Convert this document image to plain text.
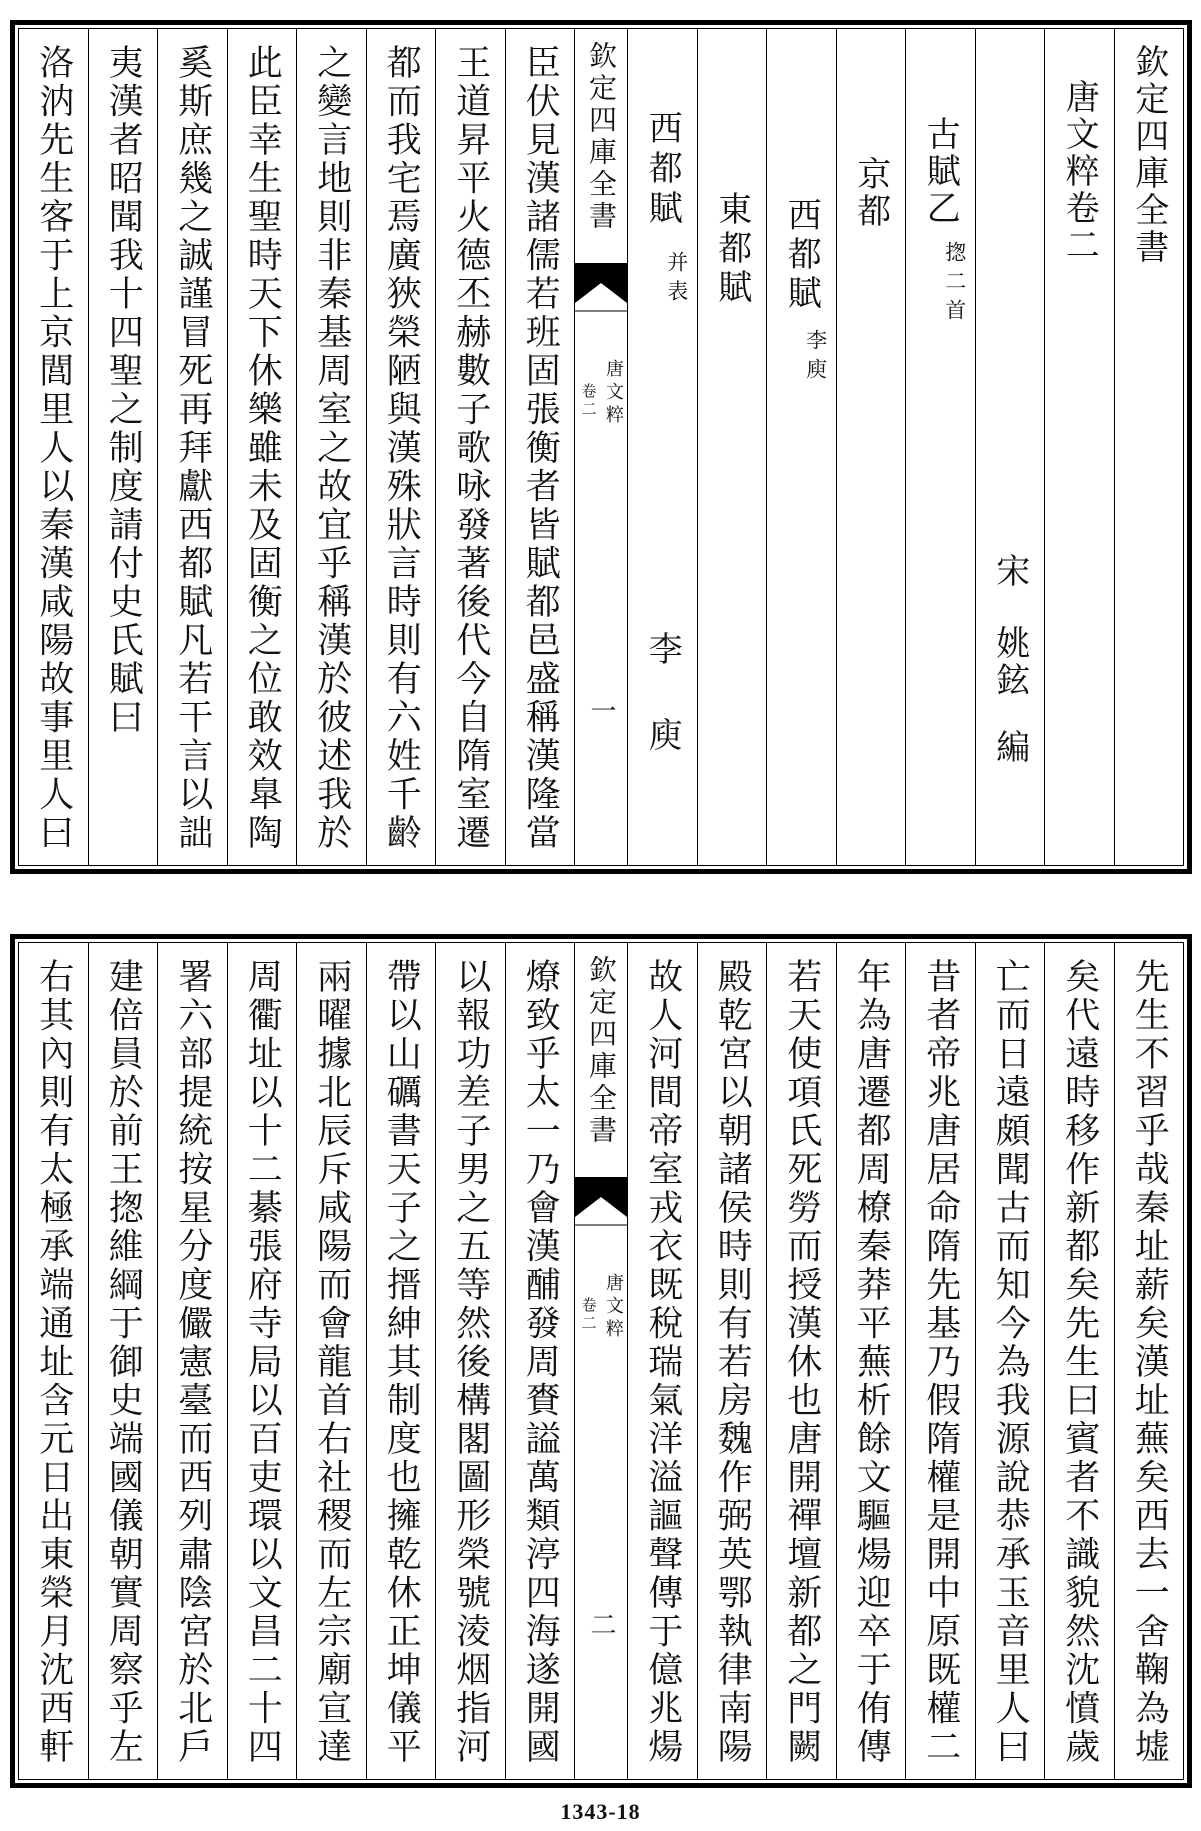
欽定四庫全書
唐文粹卷二
宋
姚鉉
編
古賦乙
揔二首
京都
西都賦
李庾
東都賦
西都賦
并表
李庾
欽定四庫全書
唐文粹
卷二
一
臣伏見漢諸儒若班固張衡者皆賦都邑盛稱漢隆當
王道昇平火德丕赫數子歌咏發著後代今自隋室遷
都而我宅焉廣狹榮陋與漢殊狀言時則有六姓千齡
之變言地則非秦基周室之故宜乎稱漢於彼述我於
此臣幸生聖時天下休樂雖未及固衡之位敢效臯陶
奚斯庶幾之誠謹冒死再拜獻西都賦凡若干言以詘
夷漢者昭聞我十四聖之制度請付史氏賦曰
洛汭先生客于上京閭里人以秦漢咸陽故事里人曰
先生不習乎哉秦址薪矣漢址蕪矣西去一舍鞠為墟
矣代遠時移作新都矣先生曰賓者不識貌然沈憤歲
亡而日遠頗聞古而知今為我源說恭承玉音里人曰
昔者帝兆唐居命隋先基乃假隋權是開中原既權二
年為唐遷都周橑秦莽平蕪析餘文驅煬迎卒于侑傳
若天使項氏死勞而授漢休也唐開禪壇新都之門闕
殿乾宮以朝諸侯時則有若房魏作弼英鄂執律南陽
故人河間帝室戎衣既稅瑞氣洋溢謳聲傳于億兆煬
欽定四庫全書
唐文粹
卷二
二
燎致乎太一乃會漢酺發周賚謚萬類渟四海遂開國
以報功差子男之五等然後構閣圖形榮號淩烟指河
帶以山礪書天子之搢紳其制度也擁乾休正坤儀平
兩曜據北辰斥咸陽而會龍首右社稷而左宗廟宣達
周衢址以十二綦張府寺局以百吏環以文昌二十四
署六部提統按星分度儼憲臺而西列肅陰宮於北戶
建倍員於前王揔維綱于御史端國儀朝實周察乎左
右其內則有太極承端通址含元日出東榮月沈西軒
1343-18
